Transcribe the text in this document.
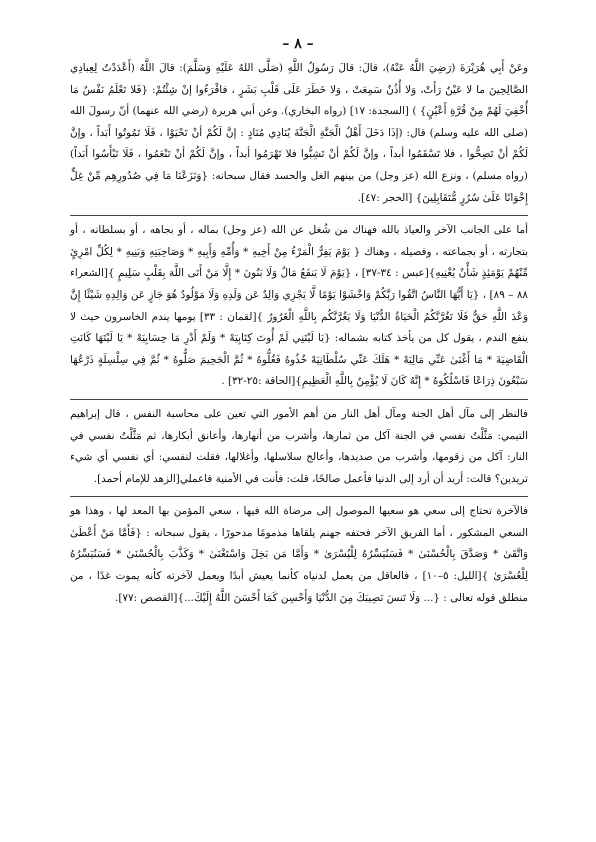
– ٨ –

وعَنْ أَبِي هُرَيْرَةَ (رَضِيَ اللَّهُ عَنْهُ)، قالَ: قالَ رَسُولُ اللَّهِ (صَلَّى اللهُ عَلَيْهِ وَسَلَّمَ): قالَ اللَّهُ (أَعْدَدْتُ لِعِبادِي الصَّالِحِينَ ما لا عَيْنٌ رَأَتْ، وَلا أُذُنٌ سَمِعَتْ ، وَلا خَطَرَ عَلَى قَلْبِ بَشَرٍ ، فاقْرَءُوا إنْ شِئْتُمْ: {فَلا تَعْلَمُ نَفْسٌ مَا أُخْفِيَ لَهُمْ مِنْ قُرَّةِ أَعْيُنٍ} ) [السجدة: ١٧] (رواه البخاري). وعن أبي هريرة (رضي الله عنهما) أنّ رسولَ الله (صلى الله عليه وسلم) قال: (إذَا دَخَلَ أَهْلُ الْجَنَّةِ الْجَنَّةَ يُنَادِي مُنَادٍ : إنَّ لَكُمْ أنْ تَحْيَوْا ، فَلَا تَمُوتُوا أَبَداً ، وإنَّ لَكُمْ أنْ تَصِحُّوا ، فلا تَسْقَمُوا أبداً ، وإنَّ لَكُمْ أنْ تَشِبُّوا فلا تَهْرَمُوا أبداً ، وإنَّ لَكُمْ أنْ تَنْعَمُوا ، فَلَا تَبْأَسُوا أَبَداً) (رواه مسلم) ، ونزع الله (عز وجل) من بينهم الغل والحسد فقال سبحانه: {وَنَزَعْنَا مَا فِي صُدُورِهِم مِّنْ غِلٍّ إِخْوَانًا عَلَىٰ سُرُرٍ مُّتَقَابِلِينَ} [الحجر :٤٧].

أما على الجانب الآخر والعياذ بالله فهناك من شُغل عن الله (عز وجل) بماله ، أو بجاهه ، أو بسلطانه ، أو بتجارته ، أو بجماعته ، وفصيله ، وهناك { يَوْمَ يَفِرُّ الْمَرْءُ مِنْ أَخِيهِ * وَأُمِّهِ وَأَبِيهِ * وَصَاحِبَتِهِ وَبَنِيهِ * لِكُلِّ امْرِئٍ مِّنْهُمْ يَوْمَئِذٍ شَأْنٌ يُغْنِيهِ}[عبس : ٣٤-٣٧] ، {يَوْمَ لَا يَنفَعُ مَالٌ وَلَا بَنُونَ * إِلَّا مَنْ أَتَى اللَّهَ بِقَلْبٍ سَلِيمٍ }[الشعراء ٨٨ – ٨٩] ، {يَا أَيُّهَا النَّاسُ اتَّقُوا رَبَّكُمْ وَاخْشَوْا يَوْمًا لَّا يَجْزِي وَالِدٌ عَن وَلَدِهِ وَلَا مَوْلُودٌ هُوَ جَازٍ عَن وَالِدِهِ شَيْئًا إِنَّ وَعْدَ اللَّهِ حَقٌّ فَلَا تَغُرَّنَّكُمُ الْحَيَاةُ الدُّنْيَا وَلَا يَغُرَّنَّكُم بِاللَّهِ الْغَرُورُ }[لقمان : ٣٣] يومها يندم الخاسرون حيث لا ينفع الندم ، يقول كل من يأخذ كتابه بشماله: {يَا لَيْتَنِي لَمْ أُوتَ كِتَابِيَهْ * وَلَمْ أَدْرِ مَا حِسَابِيَهْ * يَا لَيْتَهَا كَانَتِ الْقَاضِيَةَ * مَا أَغْنَىٰ عَنِّي مَالِيَهْ * هَلَكَ عَنِّي سُلْطَانِيَهْ خُذُوهُ فَغُلُّوهُ * ثُمَّ الْجَحِيمَ صَلُّوهُ * ثُمَّ فِي سِلْسِلَةٍ ذَرْعُهَا سَبْعُونَ ذِرَاعًا فَاسْلُكُوهُ * إِنَّهُ كَانَ لَا يُؤْمِنُ بِاللَّهِ الْعَظِيمِ}[الحاقة :٢٥-٣٢] .

فالنظر إلى مآل أهل الجنة ومآل أهل النار من أهم الأمور التي تعين على محاسبة النفس ، قال إبراهيم التيمي: مَثَّلْتُ نفسي في الجنة آكل من ثمارها، وأشرب من أنهارها، وأعانق أبكارها، ثم مَثَّلْتُ نفسي في النار: آكل من زقومها، وأشرب من صديدها، وأعالج سلاسلها، وأغلالها، فقلت لنفسي: أي نفسي أي شيء تريدين؟ قالت: أريد أن أرد إلى الدنيا فأعمل صالحًا، قلت: فأنت في الأمنية فاعملي[الزهد للإمام أحمد].

فالآخرة تحتاج إلى سعي هو سعيها الموصول إلى مرضاة الله فيها ، سعي المؤمن بها المعد لها ، وهذا هو السعي المشكور ، أما الفريق الآخر فحتفه جهنم يلقاها مذمومًا مدحورًا ، يقول سبحانه : {فَأَمَّا مَنْ أَعْطَىٰ وَاتَّقَىٰ * وَصَدَّقَ بِالْحُسْنَىٰ * فَسَنُيَسِّرُهُ لِلْيُسْرَىٰ * وَأَمَّا مَن بَخِلَ وَاسْتَغْنَىٰ * وَكَذَّبَ بِالْحُسْنَىٰ * فَسَنُيَسِّرُهُ لِلْعُسْرَىٰ }[الليل: ٥–١٠] ، فالعاقل من يعمل لدنياه كأنما يعيش أبدًا ويعمل لآخرته كأنه يموت غدًا ، من منطلق قوله تعالى : {... وَلَا تَنسَ نَصِيبَكَ مِنَ الدُّنْيَا وَأَحْسِن كَمَا أَحْسَنَ اللَّهُ إِلَيْكَ...}[القصص :٧٧].
